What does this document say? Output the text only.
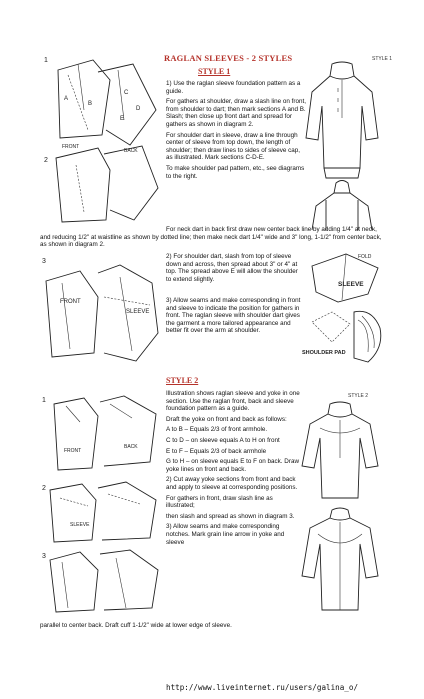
RAGLAN SLEEVES - 2 STYLES
STYLE 1
STYLE 1

1) Use the raglan sleeve foundation pattern as a guide.

For gathers at shoulder, draw a slash line on front, from shoulder to dart; then mark sections A and B. Slash; then close up front dart and spread for gathers as shown in diagram 2.

For shoulder dart in sleeve, draw a line through center of sleeve from top down, the length of shoulder; then draw lines to sides of sleeve cap, as illustrated. Mark sections C-D-E.

To make shoulder pad pattern, etc., see diagrams to the right.

For neck dart in back first draw new center back line by adding 1/4" at neck, and reducing 1/2" at waistline as shown by dotted line; then make neck dart 1/4" wide and 3" long, 1-1/2" from center back, as shown in diagram 2.

2) For shoulder dart, slash from top of sleeve down and across, then spread about 3" or 4" at top. The spread above E will allow the shoulder to extend slightly.

3) Allow seams and make corresponding in front and sleeve to indicate the position for gathers in front. The raglan sleeve with shoulder dart gives the garment a more tailored appearance and better fit over the arm at shoulder.

A
B
C
D
E
FRONT
BACK
1
2
FRONT
SLEEVE
3
SLEEVE
FOLD
SHOULDER PAD
STYLE 2
STYLE 2

Illustration shows raglan sleeve and yoke in one section. Use the raglan front, back and sleeve foundation pattern as a guide.

Draft the yoke on front and back as follows:

A to B – Equals 2/3 of front armhole.

C to D – on sleeve equals A to H on front

E to F – Equals 2/3 of back armhole

G to H – on sleeve equals E to F on back. Draw yoke lines on front and back.

2) Cut away yoke sections from front and back and apply to sleeve at corresponding positions.

For gathers in front, draw slash line as illustrated;

then slash and spread as shown in diagram 3.

3) Allow seams and make corresponding notches. Mark grain line arrow in yoke and sleeve

parallel to center back. Draft cuff 1-1/2" wide at lower edge of sleeve.

FRONT
BACK
1
SLEEVE
2
3
http://www.liveinternet.ru/users/galina_o/
